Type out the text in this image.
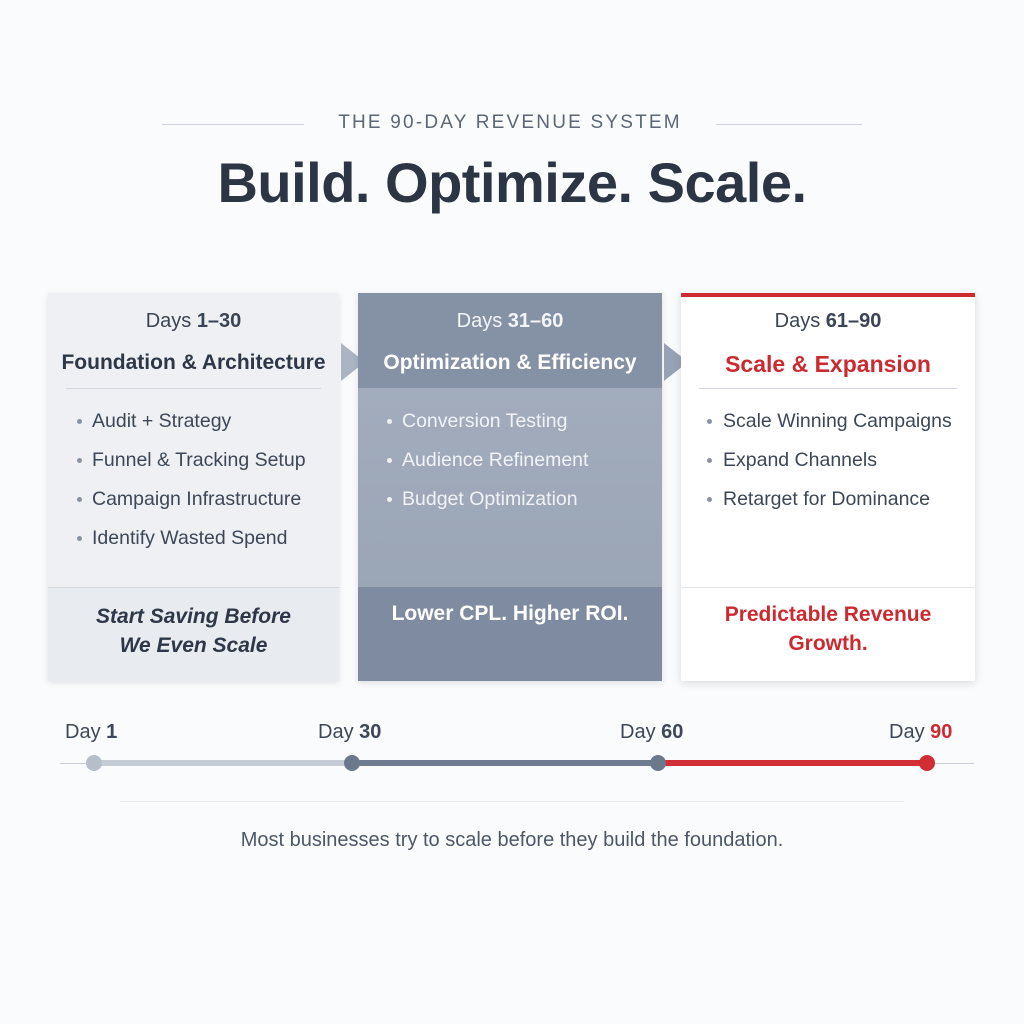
THE 90-DAY REVENUE SYSTEM
Build. Optimize. Scale.
Days 1–30
Foundation & Architecture
Audit + Strategy
Funnel & Tracking Setup
Campaign Infrastructure
Identify Wasted Spend
Start Saving Before
We Even Scale
Days 31–60
Optimization & Efficiency
Conversion Testing
Audience Refinement
Budget Optimization
Lower CPL. Higher ROI.
Days 61–90
Scale & Expansion
Scale Winning Campaigns
Expand Channels
Retarget for Dominance
Predictable Revenue
Growth.
Day 1	Day 30	Day 60	Day 90
Most businesses try to scale before they build the foundation.
